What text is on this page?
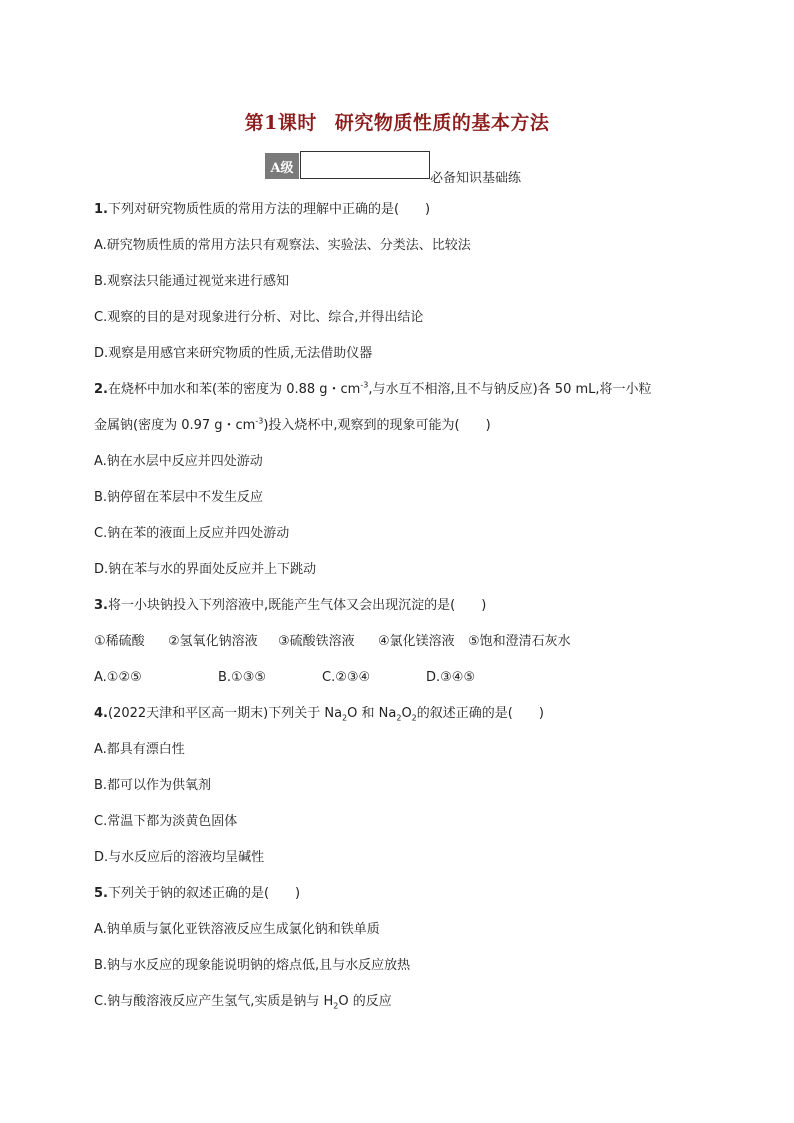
第1课时 研究物质性质的基本方法
A级
必备知识基础练
1.下列对研究物质性质的常用方法的理解中正确的是(　　)
A.研究物质性质的常用方法只有观察法、实验法、分类法、比较法
B.观察法只能通过视觉来进行感知
C.观察的目的是对现象进行分析、对比、综合,并得出结论
D.观察是用感官来研究物质的性质,无法借助仪器
2.在烧杯中加水和苯(苯的密度为 0.88 g・$cm^{-3}$,与水互不相溶,且不与钠反应)各 50 mL,将一小粒
金属钠(密度为 0.97 g・$cm^{-3}$)投入烧杯中,观察到的现象可能为(　　)
A.钠在水层中反应并四处游动
B.钠停留在苯层中不发生反应
C.钠在苯的液面上反应并四处游动
D.钠在苯与水的界面处反应并上下跳动
3.将一小块钠投入下列溶液中,既能产生气体又会出现沉淀的是(　　)
①稀硫酸 ②氢氧化钠溶液 ③硫酸铁溶液 ④氯化镁溶液 ⑤饱和澄清石灰水
A.①②⑤	B.①③⑤	C.②③④	D.③④⑤
4.(2022天津和平区高一期末)下列关于 $Na_2O$ 和 $Na_2O_2$的叙述正确的是(　　)
A.都具有漂白性
B.都可以作为供氧剂
C.常温下都为淡黄色固体
D.与水反应后的溶液均呈碱性
5.下列关于钠的叙述正确的是(　　)
A.钠单质与氯化亚铁溶液反应生成氯化钠和铁单质
B.钠与水反应的现象能说明钠的熔点低,且与水反应放热
C.钠与酸溶液反应产生氢气,实质是钠与 $H_2O$ 的反应
